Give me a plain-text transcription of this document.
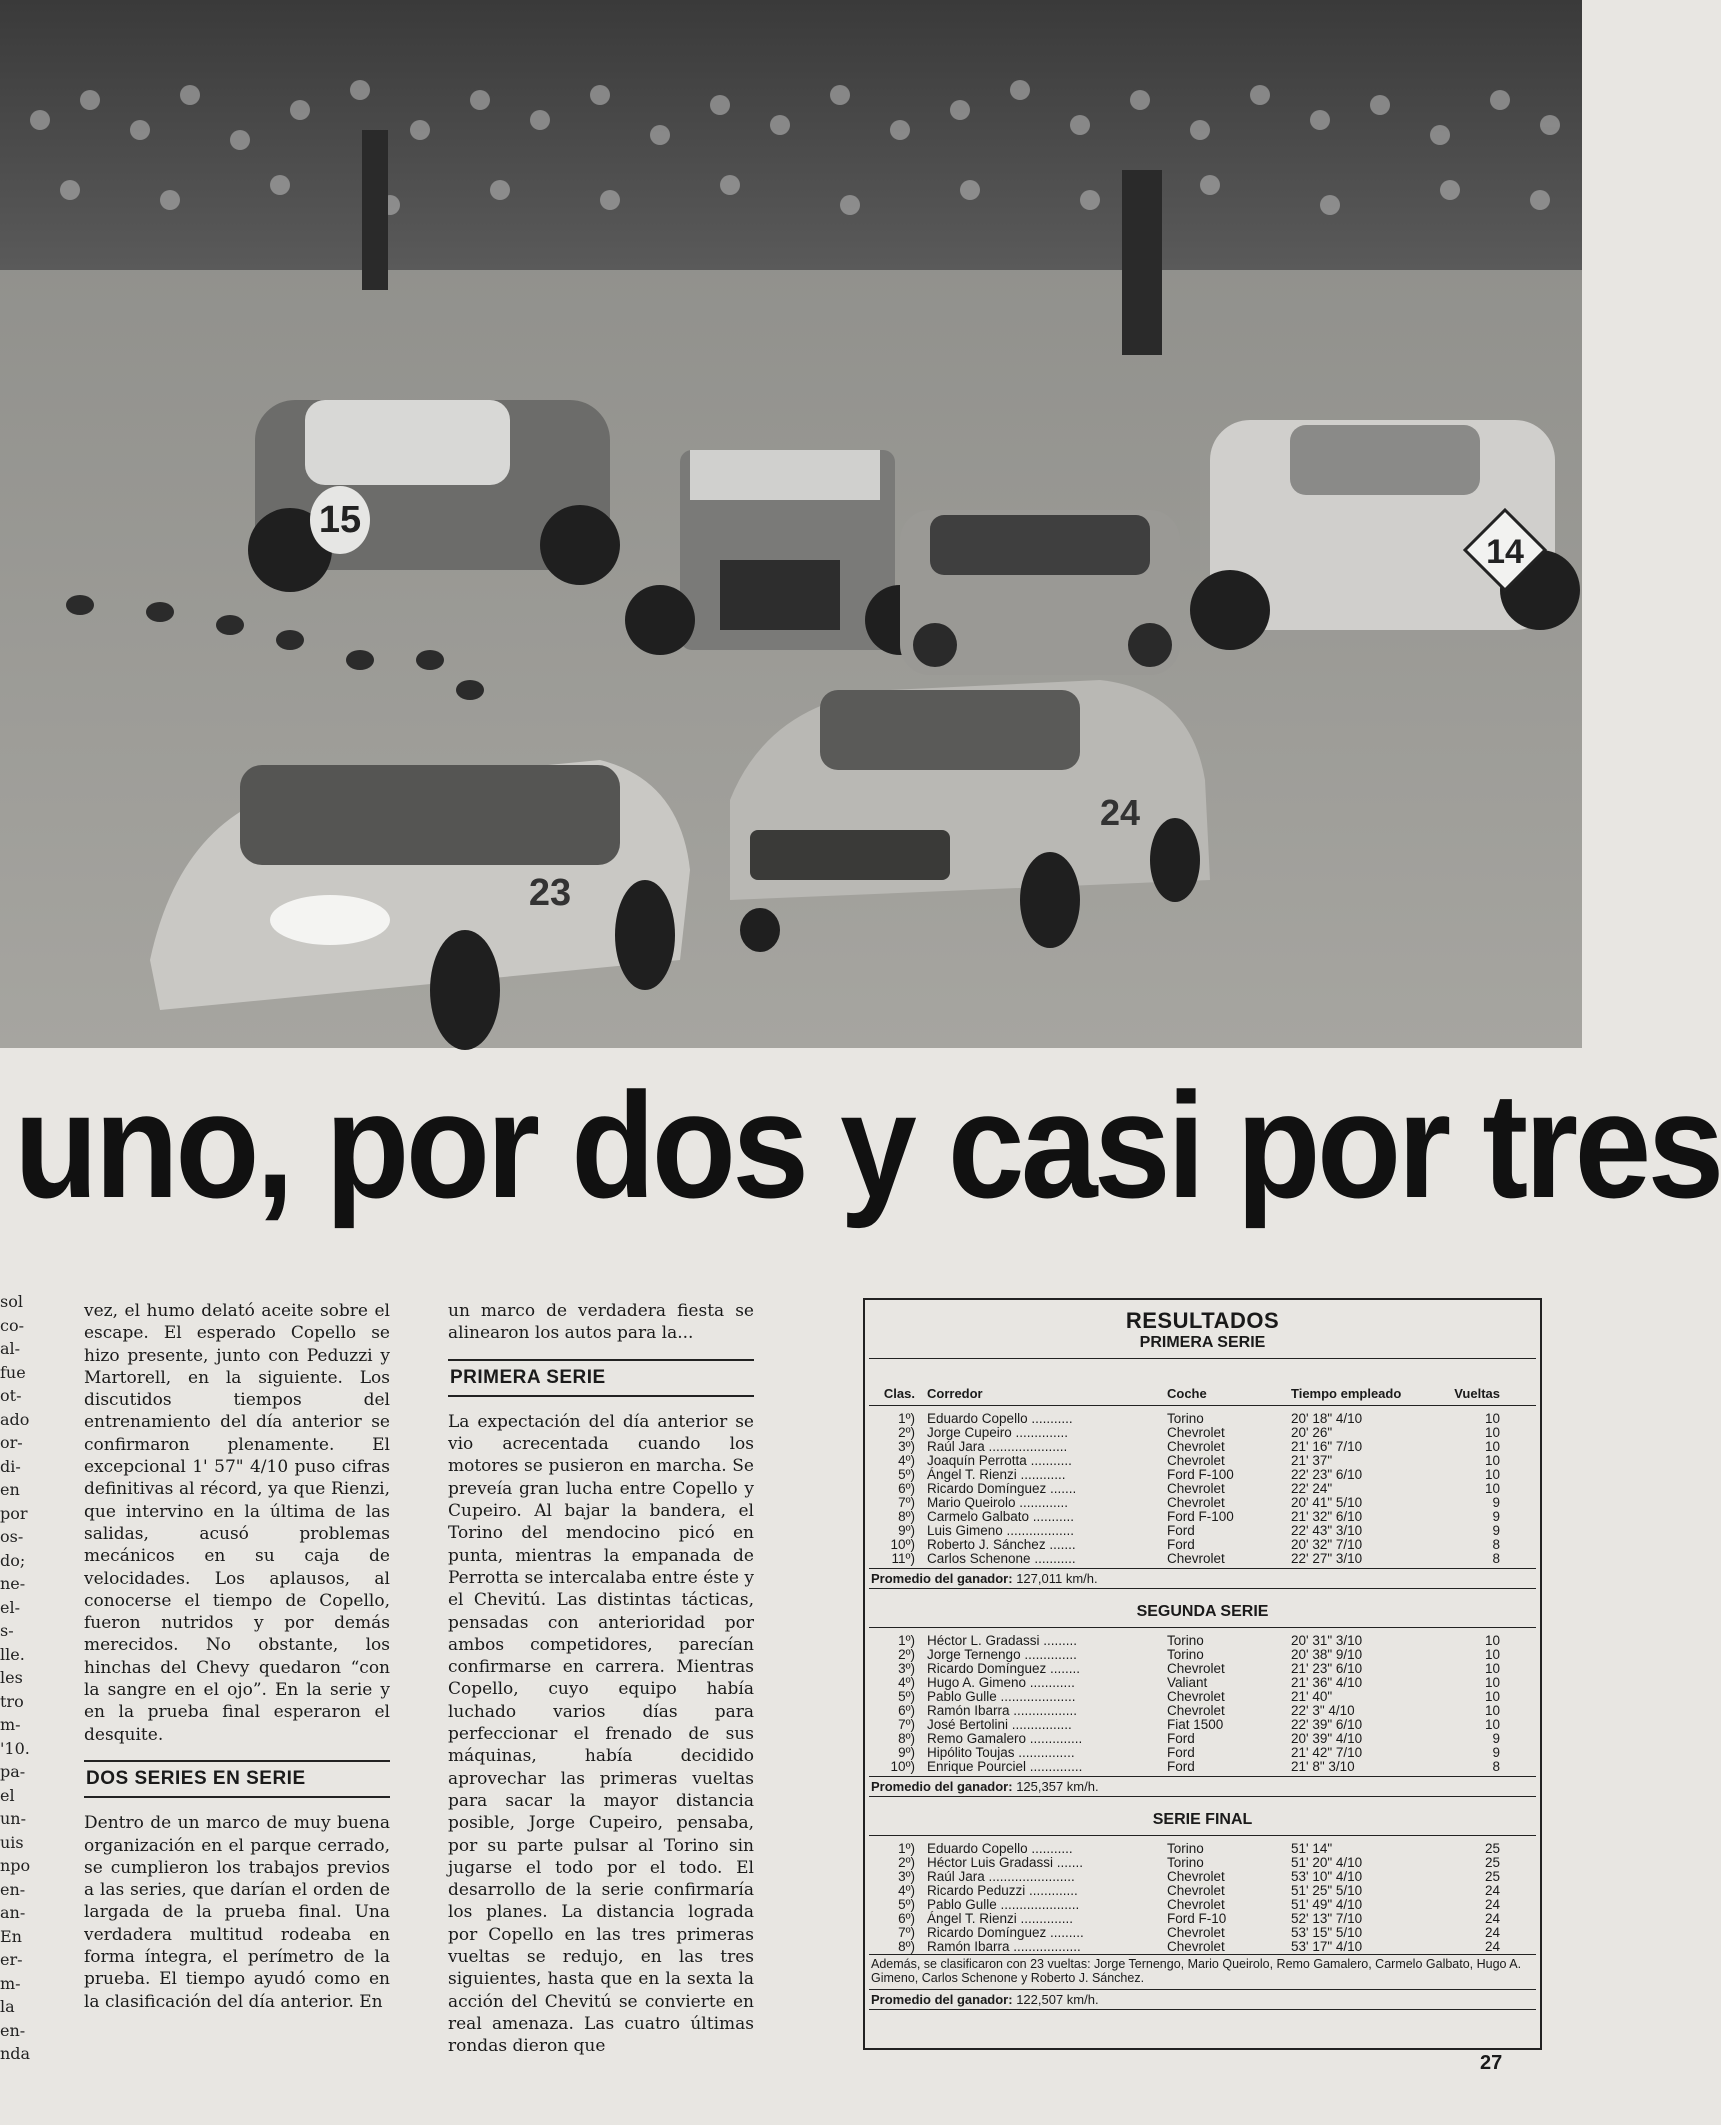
15
14
24
23
uno, por dos y casi por tres
sol
co-
al-
fue
ot-
ado
or-
di-
en
por
os-
do;
ne-
el-
s-
lle.
les
tro
m-
'10.
pa-
el
un-
uis
npo
en-
an-
En
er-
m-
la
en-
nda

vez, el humo delató aceite sobre el escape. El esperado Copello se hizo presente, junto con Peduzzi y Martorell, en la siguiente. Los discutidos tiempos del entrenamiento del día anterior se confirmaron plenamente. El excepcional 1' 57" 4/10 puso cifras definitivas al récord, ya que Rienzi, que intervino en la última de las salidas, acusó problemas mecánicos en su caja de velocidades. Los aplausos, al conocerse el tiempo de Copello, fueron nutridos y por demás merecidos. No obstante, los hinchas del Chevy quedaron “con la sangre en el ojo”. En la serie y en la prueba final esperaron el desquite.

DOS SERIES EN SERIE

Dentro de un marco de muy buena organización en el parque cerrado, se cumplieron los trabajos previos a las series, que darían el orden de largada de la prueba final. Una verdadera multitud rodeaba en forma íntegra, el perímetro de la prueba. El tiempo ayudó como en la clasificación del día anterior. En

un marco de verdadera fiesta se alinearon los autos para la...

PRIMERA SERIE

La expectación del día anterior se vio acrecentada cuando los motores se pusieron en marcha. Se preveía gran lucha entre Copello y Cupeiro. Al bajar la bandera, el Torino del mendocino picó en punta, mientras la empanada de Perrotta se intercalaba entre éste y el Chevitú. Las distintas tácticas, pensadas con anterioridad por ambos competidores, parecían confirmarse en carrera. Mientras Copello, cuyo equipo había luchado varios días para perfeccionar el frenado de sus máquinas, había decidido aprovechar las primeras vueltas para sacar la mayor distancia posible, Jorge Cupeiro, pensaba, por su parte pulsar al Torino sin jugarse el todo por el todo. El desarrollo de la serie confirmaría los planes. La distancia lograda por Copello en las tres primeras vueltas se redujo, en las tres siguientes, hasta que en la sexta la acción del Chevitú se convierte en real amenaza. Las cuatro últimas rondas dieron que

RESULTADOS
PRIMERA SERIE
Clas. Corredor	Coche	Tiempo empleado	Vueltas
1º) Eduardo Copello ...........	Torino	20' 18" 4/10	10
2º) Jorge Cupeiro ..............	Chevrolet	20' 26"	10
3º) Raúl Jara .....................	Chevrolet	21' 16" 7/10	10
4º) Joaquín Perrotta ...........	Chevrolet	21' 37"	10
5º) Ángel T. Rienzi ............	Ford F-100	22' 23" 6/10	10
6º) Ricardo Domínguez .......	Chevrolet	22' 24"	10
7º) Mario Queirolo .............	Chevrolet	20' 41" 5/10	9
8º) Carmelo Galbato ...........	Ford F-100	21' 32" 6/10	9
9º) Luis Gimeno ..................	Ford	22' 43" 3/10	9
10º) Roberto J. Sánchez .......	Ford	20' 32" 7/10	8
11º) Carlos Schenone ...........	Chevrolet	22' 27" 3/10	8
Promedio del ganador: 127,011 km/h.
SEGUNDA SERIE
1º) Héctor L. Gradassi .........	Torino	20' 31" 3/10	10
2º) Jorge Ternengo ..............	Torino	20' 38" 9/10	10
3º) Ricardo Domínguez ........	Chevrolet	21' 23" 6/10	10
4º) Hugo A. Gimeno ............	Valiant	21' 36" 4/10	10
5º) Pablo Gulle ....................	Chevrolet	21' 40"	10
6º) Ramón Ibarra .................	Chevrolet	22' 3" 4/10	10
7º) José Bertolini ................	Fiat 1500	22' 39" 6/10	10
8º) Remo Gamalero ..............	Ford	20' 39" 4/10	9
9º) Hipólito Toujas ...............	Ford	21' 42" 7/10	9
10º) Enrique Pourciel ..............	Ford	21' 8" 3/10	8
Promedio del ganador: 125,357 km/h.
SERIE FINAL
1º) Eduardo Copello ...........	Torino	51' 14"	25
2º) Héctor Luis Gradassi .......	Torino	51' 20" 4/10	25
3º) Raúl Jara .......................	Chevrolet	53' 10" 4/10	25
4º) Ricardo Peduzzi .............	Chevrolet	51' 25" 5/10	24
5º) Pablo Gulle .....................	Chevrolet	51' 49" 4/10	24
6º) Ángel T. Rienzi ..............	Ford F-10	52' 13" 7/10	24
7º) Ricardo Domínguez .........	Chevrolet	53' 15" 5/10	24
8º) Ramón Ibarra ..................	Chevrolet	53' 17" 4/10	24
Además, se clasificaron con 23 vueltas: Jorge Ternengo, Mario Queirolo, Remo Gamalero, Carmelo Galbato, Hugo A. Gimeno, Carlos Schenone y Roberto J. Sánchez.
Promedio del ganador: 122,507 km/h.
27
